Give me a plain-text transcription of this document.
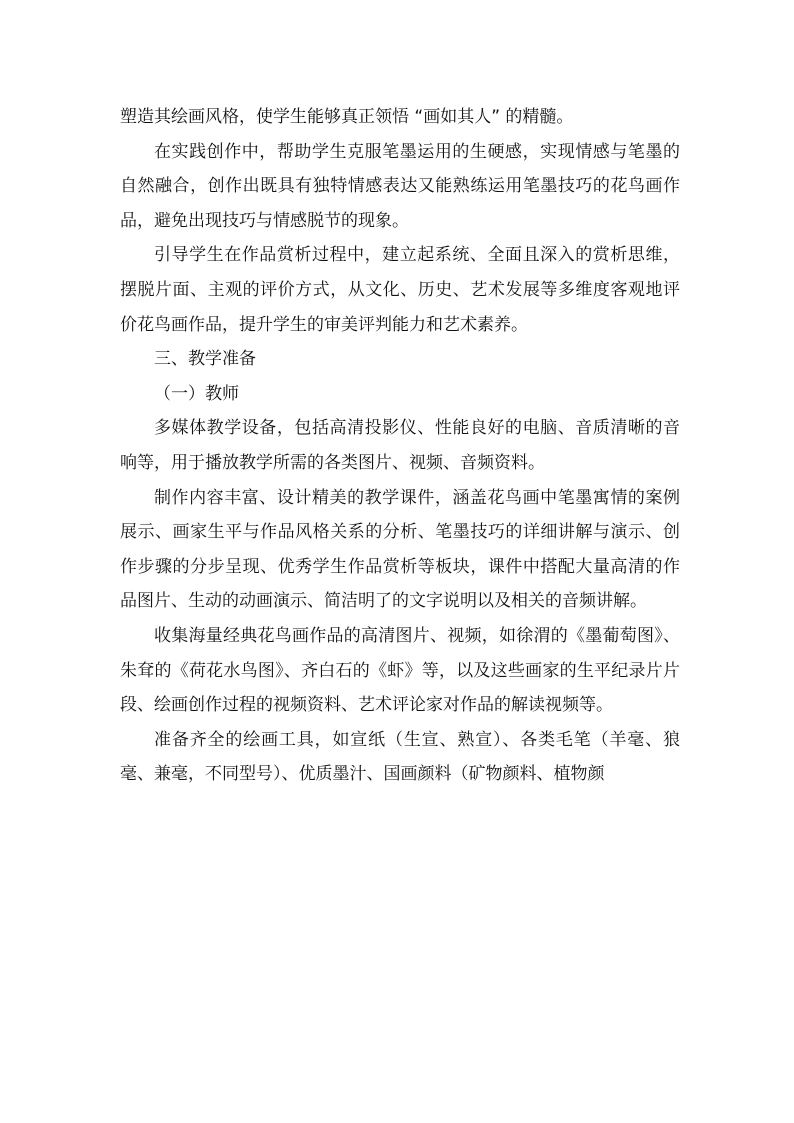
塑造其绘画风格，使学生能够真正领悟 “画如其人” 的精髓。

在实践创作中，帮助学生克服笔墨运用的生硬感，实现情感与笔墨的自然融合，创作出既具有独特情感表达又能熟练运用笔墨技巧的花鸟画作品，避免出现技巧与情感脱节的现象。

引导学生在作品赏析过程中，建立起系统、全面且深入的赏析思维，摆脱片面、主观的评价方式，从文化、历史、艺术发展等多维度客观地评价花鸟画作品，提升学生的审美评判能力和艺术素养。

三、教学准备

（一）教师

多媒体教学设备，包括高清投影仪、性能良好的电脑、音质清晰的音响等，用于播放教学所需的各类图片、视频、音频资料。

制作内容丰富、设计精美的教学课件，涵盖花鸟画中笔墨寓情的案例展示、画家生平与作品风格关系的分析、笔墨技巧的详细讲解与演示、创作步骤的分步呈现、优秀学生作品赏析等板块，课件中搭配大量高清的作品图片、生动的动画演示、简洁明了的文字说明以及相关的音频讲解。

收集海量经典花鸟画作品的高清图片、视频，如徐渭的《墨葡萄图》、朱耷的《荷花水鸟图》、齐白石的《虾》等，以及这些画家的生平纪录片片段、绘画创作过程的视频资料、艺术评论家对作品的解读视频等。

准备齐全的绘画工具，如宣纸（生宣、熟宣）、各类毛笔（羊毫、狼毫、兼毫，不同型号）、优质墨汁、国画颜料（矿物颜料、植物颜
